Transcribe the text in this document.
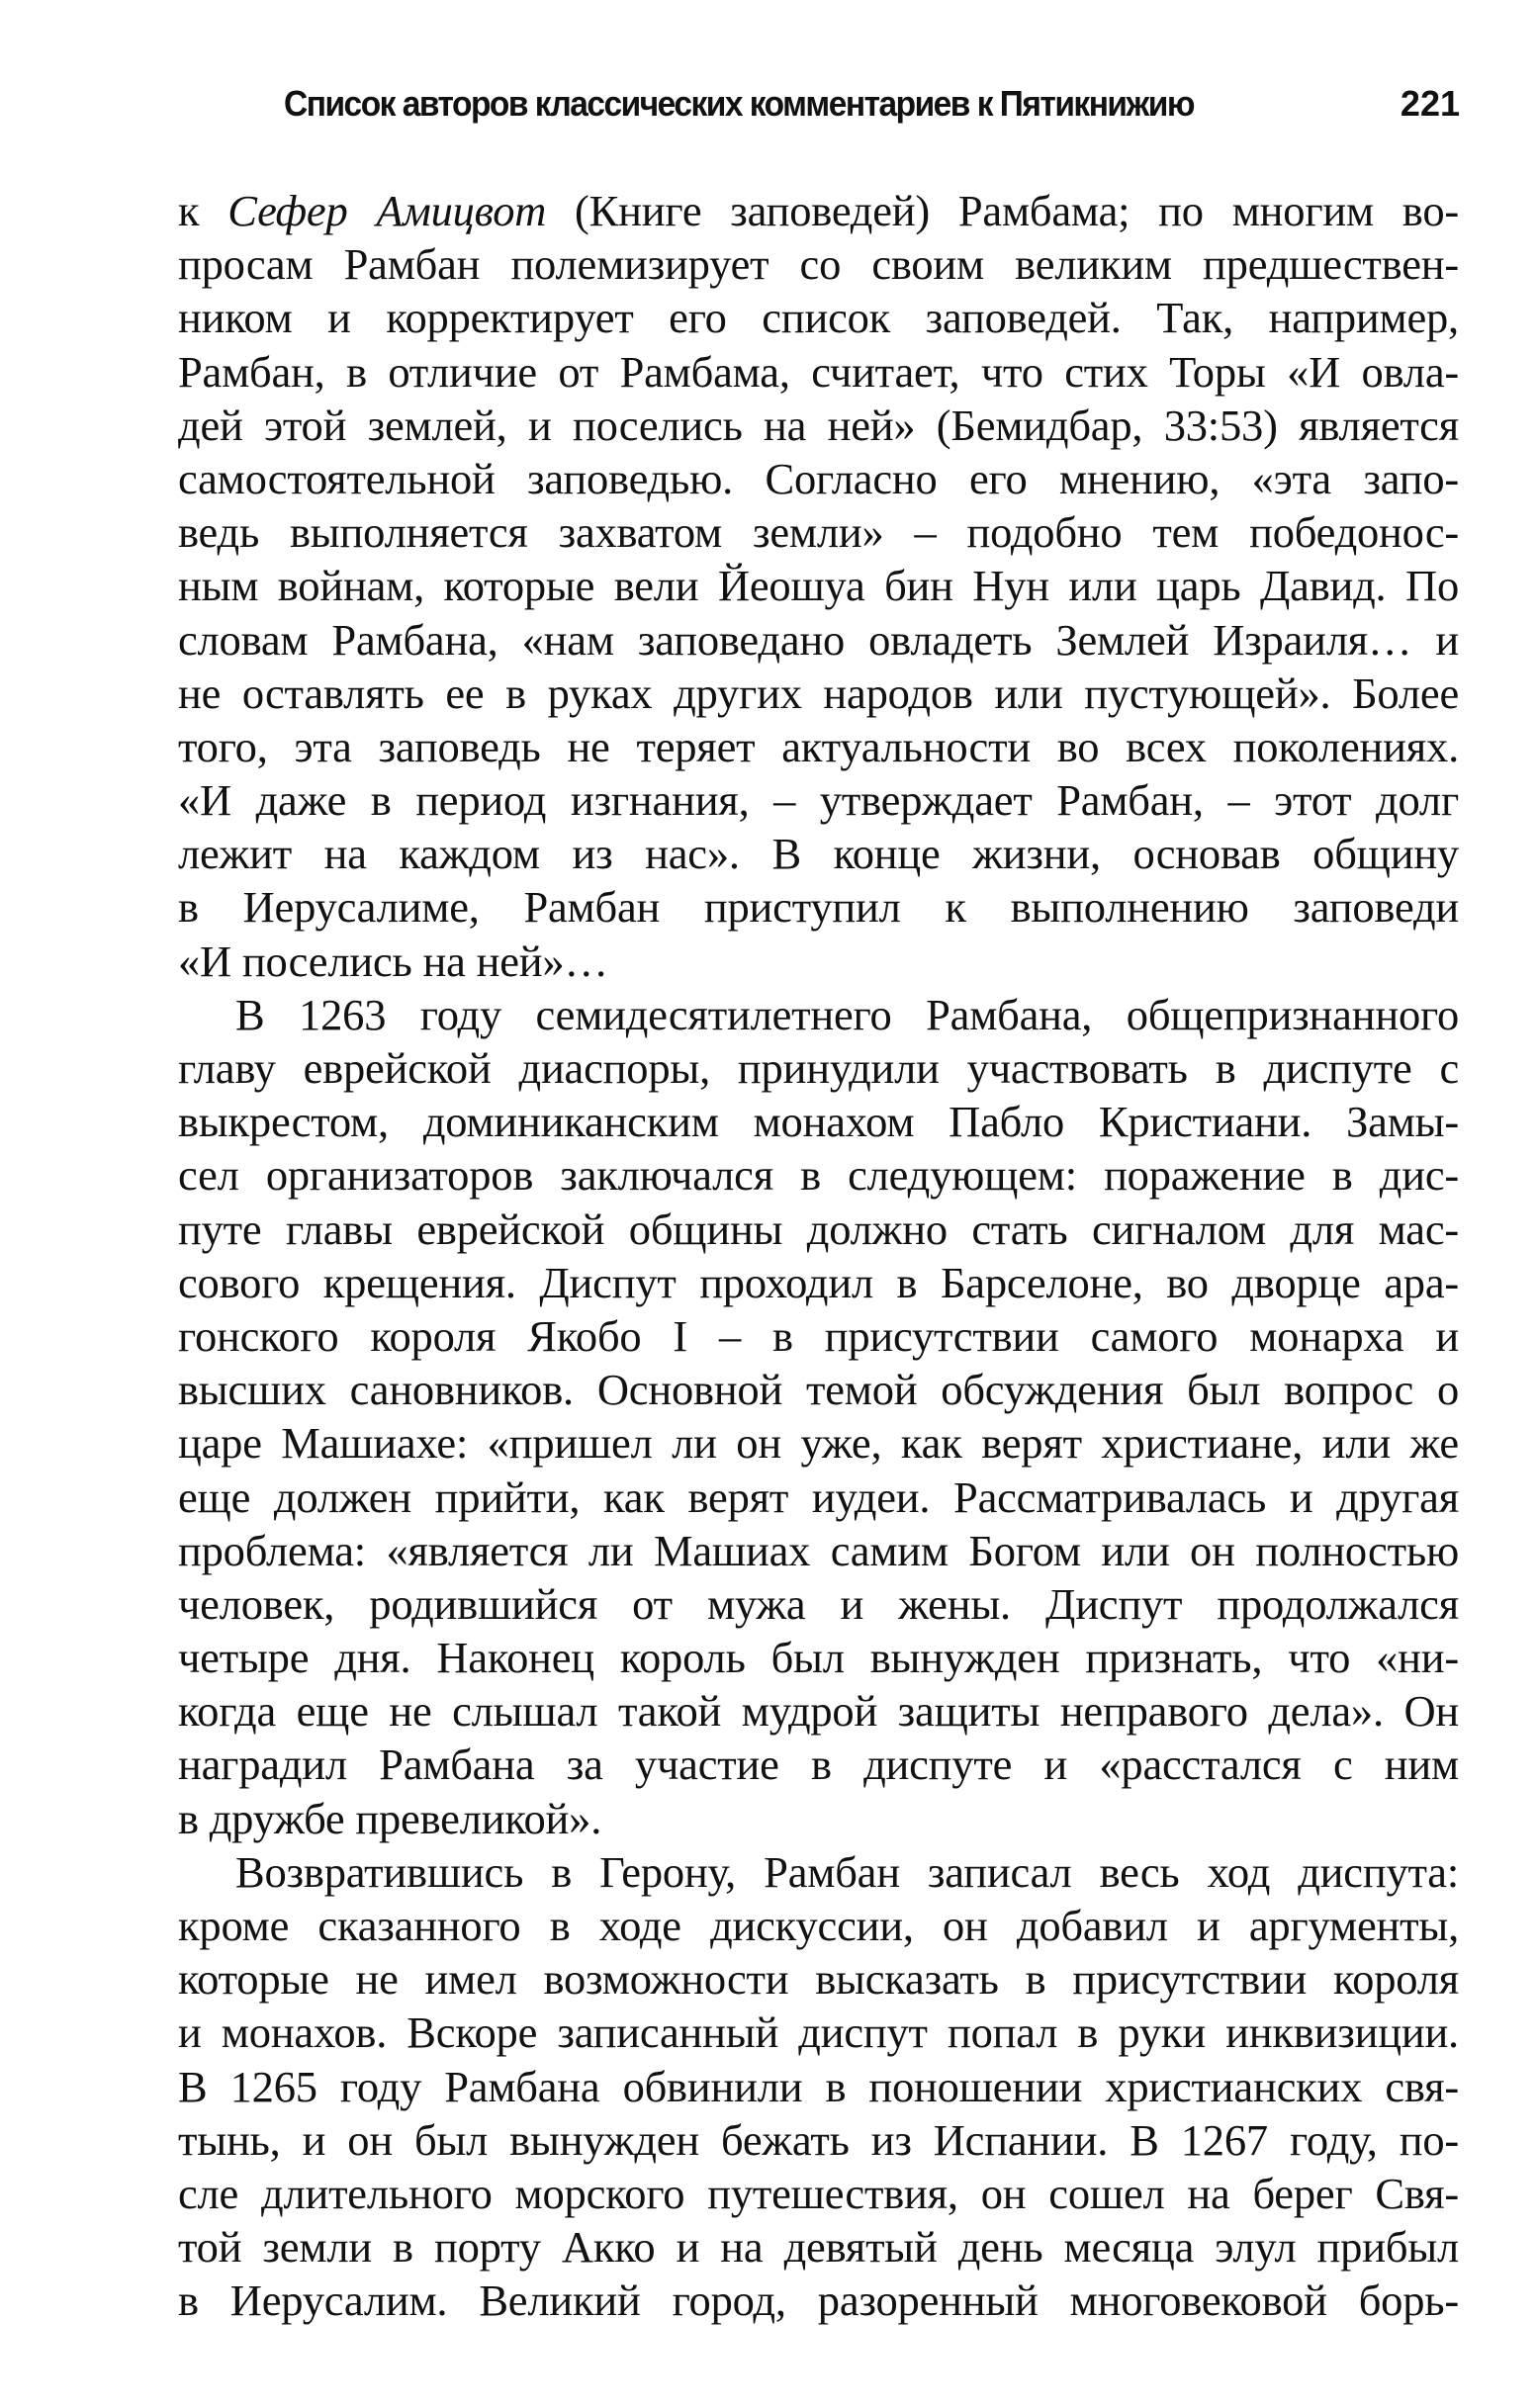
Список авторов классических комментариев к Пятикнижию	221
к Сефер Амицвот (Книге заповедей) Рамбама; по многим во-
просам Рамбан полемизирует со своим великим предшествен-
ником и корректирует его список заповедей. Так, например,
Рамбан, в отличие от Рамбама, считает, что стих Торы «И овла-
дей этой землей, и поселись на ней» (Бемидбар, 33:53) является
самостоятельной заповедью. Согласно его мнению, «эта запо-
ведь выполняется захватом земли» – подобно тем победонос-
ным войнам, которые вели Йеошуа бин Нун или царь Давид. По
словам Рамбана, «нам заповедано овладеть Землей Израиля… и
не оставлять ее в руках других народов или пустующей». Более
того, эта заповедь не теряет актуальности во всех поколениях.
«И даже в период изгнания, – утверждает Рамбан, – этот долг
лежит на каждом из нас». В конце жизни, основав общину
в Иерусалиме, Рамбан приступил к выполнению заповеди
«И поселись на ней»…
В 1263 году семидесятилетнего Рамбана, общепризнанного
главу еврейской диаспоры, принудили участвовать в диспуте с
выкрестом, доминиканским монахом Пабло Кристиани. Замы-
сел организаторов заключался в следующем: поражение в дис-
путе главы еврейской общины должно стать сигналом для мас-
сового крещения. Диспут проходил в Барселоне, во дворце ара-
гонского короля Якобо I – в присутствии самого монарха и
высших сановников. Основной темой обсуждения был вопрос о
царе Машиахе: «пришел ли он уже, как верят христиане, или же
еще должен прийти, как верят иудеи. Рассматривалась и другая
проблема: «является ли Машиах самим Богом или он полностью
человек, родившийся от мужа и жены. Диспут продолжался
четыре дня. Наконец король был вынужден признать, что «ни-
когда еще не слышал такой мудрой защиты неправого дела». Он
наградил Рамбана за участие в диспуте и «расстался с ним
в дружбе превеликой».
Возвратившись в Герону, Рамбан записал весь ход диспута:
кроме сказанного в ходе дискуссии, он добавил и аргументы,
которые не имел возможности высказать в присутствии короля
и монахов. Вскоре записанный диспут попал в руки инквизиции.
В 1265 году Рамбана обвинили в поношении христианских свя-
тынь, и он был вынужден бежать из Испании. В 1267 году, по-
сле длительного морского путешествия, он сошел на берег Свя-
той земли в порту Акко и на девятый день месяца элул прибыл
в Иерусалим. Великий город, разоренный многовековой борь-
